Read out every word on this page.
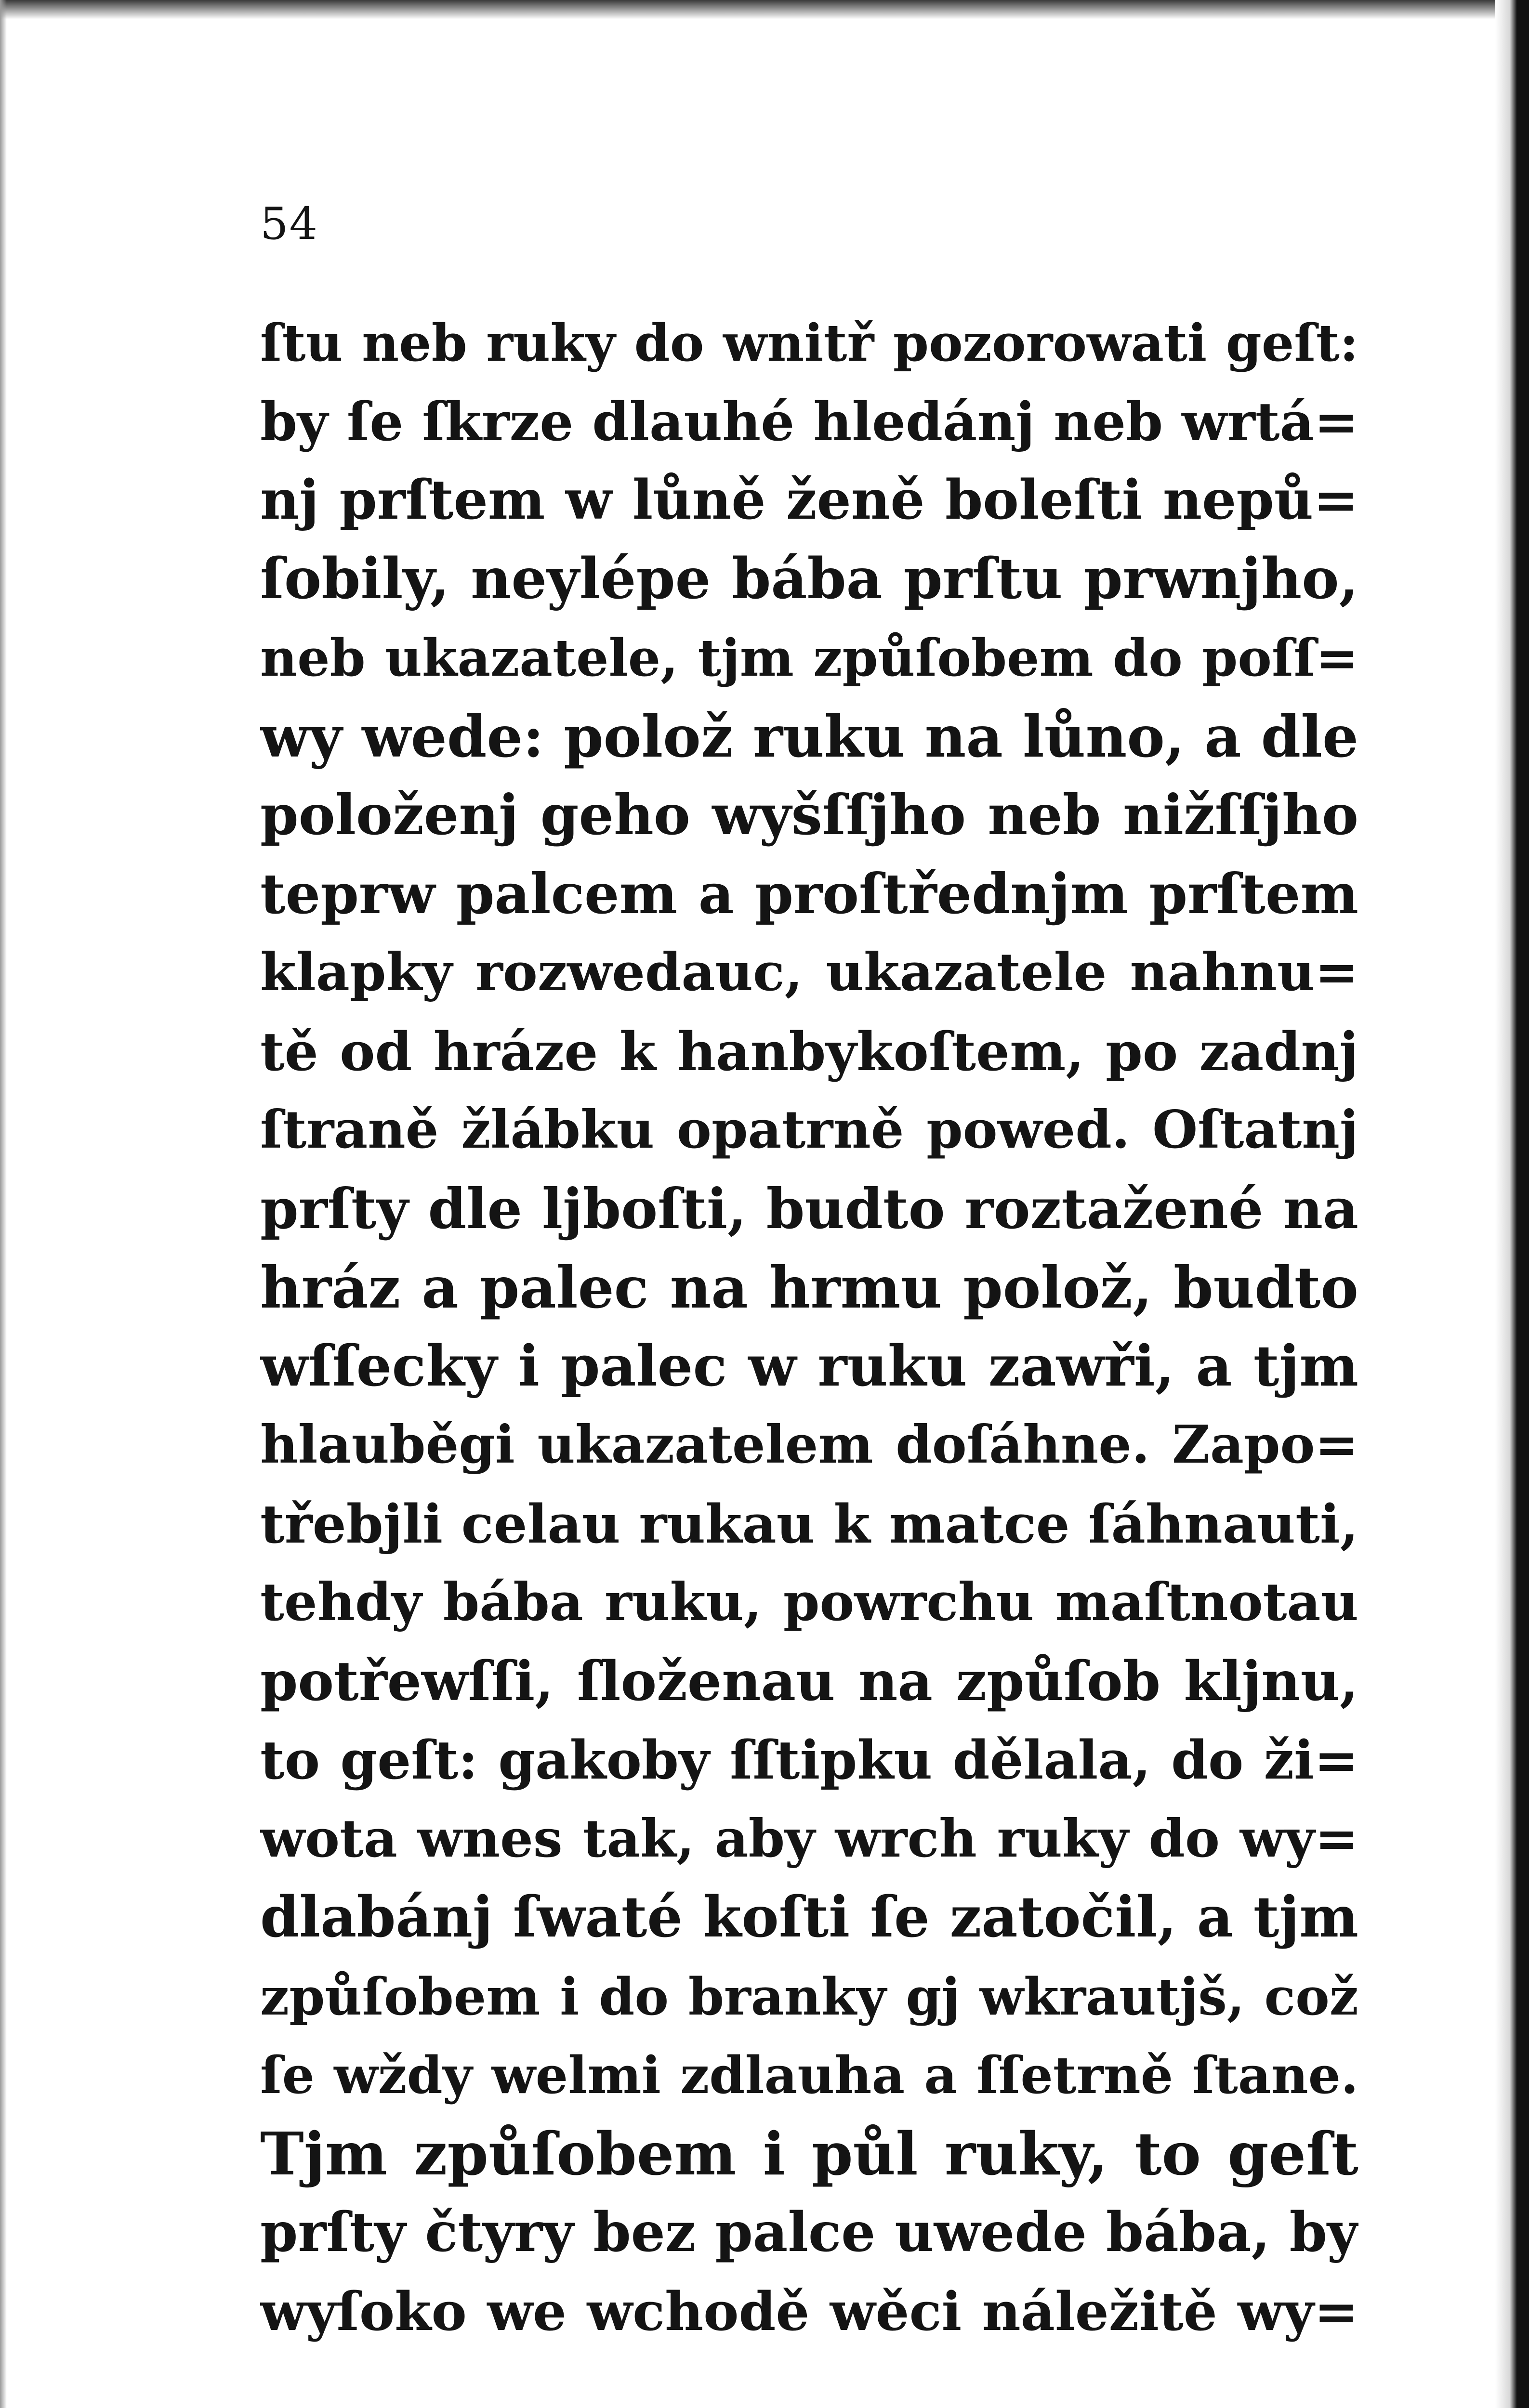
54
ſtu neb ruky do wnitř pozorowati geſt:
by ſe ſkrze dlauhé hledánj neb wrtá=
nj prſtem w lůně ženě boleſti nepů=
ſobily, neylépe bába prſtu prwnjho,
neb ukazatele, tjm způſobem do poſſ=
wy wede: polož ruku na lůno, a dle
položenj geho wyšſſjho neb nižſſjho
teprw palcem a proſtřednjm prſtem
klapky rozwedauc, ukazatele nahnu=
tě od hráze k hanbykoſtem, po zadnj
ſtraně žlábku opatrně powed. Oſtatnj
prſty dle ljboſti, budto roztažené na
hráz a palec na hrmu polož, budto
wſſecky i palec w ruku zawři, a tjm
hlauběgi ukazatelem doſáhne. Zapo=
třebjli celau rukau k matce ſáhnauti,
tehdy bába ruku, powrchu maſtnotau
potřewſſi, ſloženau na způſob kljnu,
to geſt: gakoby ſſtipku dělala, do ži=
wota wnes tak, aby wrch ruky do wy=
dlabánj ſwaté koſti ſe zatočil, a tjm
způſobem i do branky gj wkrautjš, což
ſe wždy welmi zdlauha a ſſetrně ſtane.
Tjm způſobem i půl ruky, to geſt
prſty čtyry bez palce uwede bába, by
wyſoko we wchodě wěci náležitě wy=
